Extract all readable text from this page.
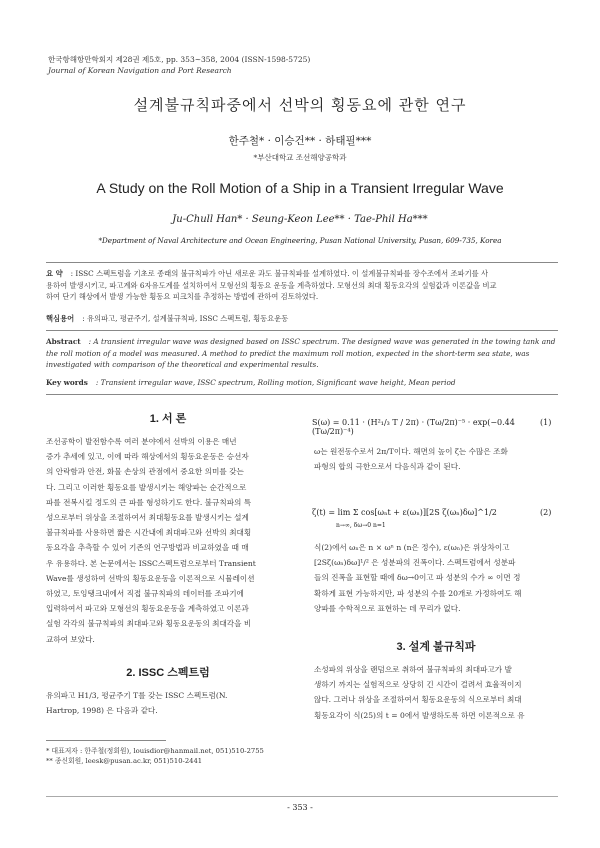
한국항해항만학회지 제28권 제5호, pp. 353~358, 2004 (ISSN-1598-5725)
Journal of Korean Navigation and Port Research
설계불규칙파중에서 선박의 횡동요에 관한 연구
한주철* · 이승건** · 하태필***
*부산대학교 조선해양공학과
A Study on the Roll Motion of a Ship in a Transient Irregular Wave
Ju-Chull Han* · Seung-Keon Lee** · Tae-Phil Ha***
*Department of Naval Architecture and Ocean Engineering, Pusan National University, Pusan, 609-735, Korea
요 약 : ISSC 스펙트럼을 기초로 종래의 불규칙파가 아닌 새로운 과도 불규칙파를 설계하였다. 이 설계불규칙파를 장수조에서 조파기를 사
용하여 발생시키고, 파고계와 6자유도계를 설치하여서 모형선의 횡동요 운동을 계측하였다. 모형선의 최대 횡동요각의 실험값과 이론값을 비교
하여 단기 해상에서 발생 가능한 횡동요 피크치를 추정하는 방법에 관하여 검토하였다.
핵심용어 : 유의파고, 평균주기, 설계불규칙파, ISSC 스펙트럼, 횡동요운동
Abstract : A transient irregular wave was designed based on ISSC spectrum. The designed wave was generated in the towing tank and
the roll motion of a model was measured. A method to predict the maximum roll motion, expected in the short-term sea state, was
investigated with comparison of the theoretical and experimental results.
Key words : Transient irregular wave, ISSC spectrum, Rolling motion, Significant wave height, Mean period
1. 서 론
조선공학이 발전함수록 여러 분야에서 선박의 이용은 매년
증가 추세에 있고, 이에 따라 해상에서의 횡동요운동은 승선자
의 안락함과 안전, 화물 손상의 관점에서 중요한 의미를 갖는
다. 그리고 이러한 횡동요를 발생시키는 해양파는 순간적으로
파를 전복시킬 정도의 큰 파를 형성하기도 한다. 불규칙파의 특
성으로부터 위상을 조절하여서 최대횡동요를 발생시키는 설계
불규칙파를 사용하면 짧은 시간내에 최대파고와 선박의 최대횡
동요각을 추측할 수 있어 기존의 연구방법과 비교하였을 때 매
우 유용하다. 본 논문에서는 ISSC스펙트럼으로부터 Transient
Wave를 생성하여 선박의 횡동요운동을 이론적으로 시뮬레이션
하였고, 토잉탱크내에서 직접 불규칙파의 데이터를 조파기에
입력하여서 파고와 모형선의 횡동요운동을 계측하였고 이론과
실험 각각의 불규칙파의 최대파고와 횡동요운동의 최대각을 비
교하여 보았다.
2. ISSC 스펙트럼
유의파고 H1/3, 평균주기 T를 갖는 ISSC 스펙트럼(N.
Hartrop, 1998) 은 다음과 같다.
* 대표저자 : 한주철(정회원), louisdior@hanmail.net, 051)510-2755
** 종신회원, leesk@pusan.ac.kr, 051)510-2441
S(ω) = 0.11 · (H²₁/₃ T / 2π) · (Tω/2π)⁻⁵ · exp(−0.44 (Tω/2π)⁻⁴)
(1)
ω는 원전동수로서 2π/T이다. 해면의 높이 ζ는 수많은 조화
파형의 합의 극한으로서 다음식과 같이 된다.
ζ(t) = lim Σ cos[ωₙt + ε(ωₙ)][2S ζ(ωₙ)δω]^1/2
n→∞, δω→0 n=1
(2)
식(2)에서 ωₙ은 n × ωⁿ n (n은 정수), ε(ωₙ)은 위상차이고
[2Sζ(ωₙ)δω]¹/² 은 성분파의 진폭이다. 스펙트럼에서 성분파
들의 진폭을 표현할 때에 δω→0이고 파 성분의 수가 ∞ 이면 정
확하게 표현 가능하지만, 파 성분의 수를 20개로 가정하여도 해
양파를 수학적으로 표현하는 데 무리가 없다.
3. 설계 불규칙파
소성파의 위상을 랜덤으로 취하여 불규칙파의 최대파고가 발
생하기 까지는 실험적으로 상당히 긴 시간이 걸려서 효율적이지
않다. 그러나 위상을 조절하여서 횡동요운동의 식으로부터 최대
횡동요각이 식(25)의 t = 0에서 발생하도록 하면 이론적으로 유
- 353 -
